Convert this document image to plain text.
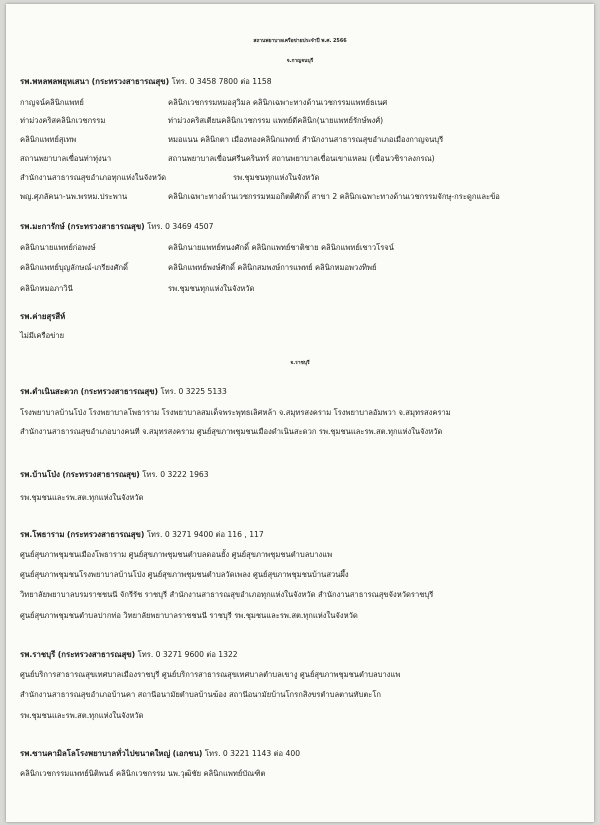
สถานพยาบาลเครือข่ายประจำปี พ.ศ. 2566
จ.กาญจนบุรี
รพ.พหลพลพยุหเสนา (กระทรวงสาธารณสุข) โทร. 0 3458 7800 ต่อ 1158
กาญจน์คลินิกแพทย์	คลินิกเวชกรรมหมอสุวิมล คลินิกเฉพาะทางด้านเวชกรรมแพทย์ธเนศ
ท่าม่วงคริสคลินิกเวชกรรม	ท่าม่วงคริสเตียนคลินิกเวชกรรม แพทย์ดีคลินิก(นายแพทย์รักษ์พงศ์)
คลินิกแพทย์สุเทพ	หมอแนน คลินิกตา เมืองทองคลินิกแพทย์ สำนักงานสาธารณสุขอำเภอเมืองกาญจนบุรี
สถานพยาบาลเขื่อนท่าทุ่งนา	สถานพยาบาลเขื่อนศรีนครินทร์ สถานพยาบาลเขื่อนเขาแหลม (เขื่อนวชิราลงกรณ)
สำนักงานสาธารณสุขอำเภอทุกแห่งในจังหวัด	รพ.ชุมชนทุกแห่งในจังหวัด
พญ.ศุภลัคนา-นพ.พรหม.ประพาน	คลินิกเฉพาะทางด้านเวชกรรมหมอกิตติศักดิ์ สาขา 2 คลินิกเฉพาะทางด้านเวชกรรมจักษุ-กระดูกและข้อ
รพ.มะการักษ์ (กระทรวงสาธารณสุข) โทร. 0 3469 4507
คลินิกนายแพทย์ก่อพงษ์	คลินิกนายแพทย์ทนงศักดิ์ คลินิกแพทย์ชาติชาย คลินิกแพทย์เชาวโรจน์
คลินิกแพทย์บุญลักษณ์-เกรียงศักดิ์	คลินิกแพทย์พงษ์ศักดิ์ คลินิกสมพงษ์การแพทย์ คลินิกหมอพวงทิพย์
คลินิกหมอภาวินี	รพ.ชุมชนทุกแห่งในจังหวัด
รพ.ค่ายสุรสีห์
ไม่มีเครือข่าย
จ.ราชบุรี
รพ.ดำเนินสะดวก (กระทรวงสาธารณสุข) โทร. 0 3225 5133
โรงพยาบาลบ้านโป่ง โรงพยาบาลโพธาราม โรงพยาบาลสมเด็จพระพุทธเลิศหล้า จ.สมุทรสงคราม โรงพยาบาลอัมพวา จ.สมุทรสงคราม
สำนักงานสาธารณสุขอำเภอบางคนที จ.สมุทรสงคราม ศูนย์สุขภาพชุมชนเมืองดำเนินสะดวก รพ.ชุมชนและรพ.สต.ทุกแห่งในจังหวัด
รพ.บ้านโป่ง (กระทรวงสาธารณสุข) โทร. 0 3222 1963
รพ.ชุมชนและรพ.สต.ทุกแห่งในจังหวัด
รพ.โพธาราม (กระทรวงสาธารณสุข) โทร. 0 3271 9400 ต่อ 116 , 117
ศูนย์สุขภาพชุมชนเมืองโพธาราม ศูนย์สุขภาพชุมชนตำบลดอนยั้ง ศูนย์สุขภาพชุมชนตำบลบางแพ
ศูนย์สุขภาพชุมชนโรงพยาบาลบ้านโป่ง ศูนย์สุขภาพชุมชนตำบลวัดเพลง ศูนย์สุขภาพชุมชนบ้านสวนผึ้ง
วิทยาลัยพยาบาลบรมราชชนนี จักรีรัช ราชบุรี สำนักงานสาธารณสุขอำเภอทุกแห่งในจังหวัด สำนักงานสาธารณสุขจังหวัดราชบุรี
ศูนย์สุขภาพชุมชนตำบลปากท่อ วิทยาลัยพยาบาลราชชนนี ราชบุรี รพ.ชุมชนและรพ.สต.ทุกแห่งในจังหวัด
รพ.ราชบุรี (กระทรวงสาธารณสุข) โทร. 0 3271 9600 ต่อ 1322
ศูนย์บริการสาธารณสุขเทศบาลเมืองราชบุรี ศูนย์บริการสาธารณสุขเทศบาลตำบลเขางู ศูนย์สุขภาพชุมชนตำบลบางแพ
สำนักงานสาธารณสุขอำเภอบ้านคา สถานีอนามัยตำบลบ้านฆ้อง สถานีอนามัยบ้านโกรกสิงขรตำบลตานทับตะโก
รพ.ชุมชนและรพ.สต.ทุกแห่งในจังหวัด
รพ.ซานคามิลโลโรงพยาบาลทั่วไปขนาดใหญ่ (เอกชน) โทร. 0 3221 1143 ต่อ 400
คลินิกเวชกรรมแพทย์นิติพนธ์ คลินิกเวชกรรม นพ.วุฒิชัย คลินิกแพทย์บัณฑิต
